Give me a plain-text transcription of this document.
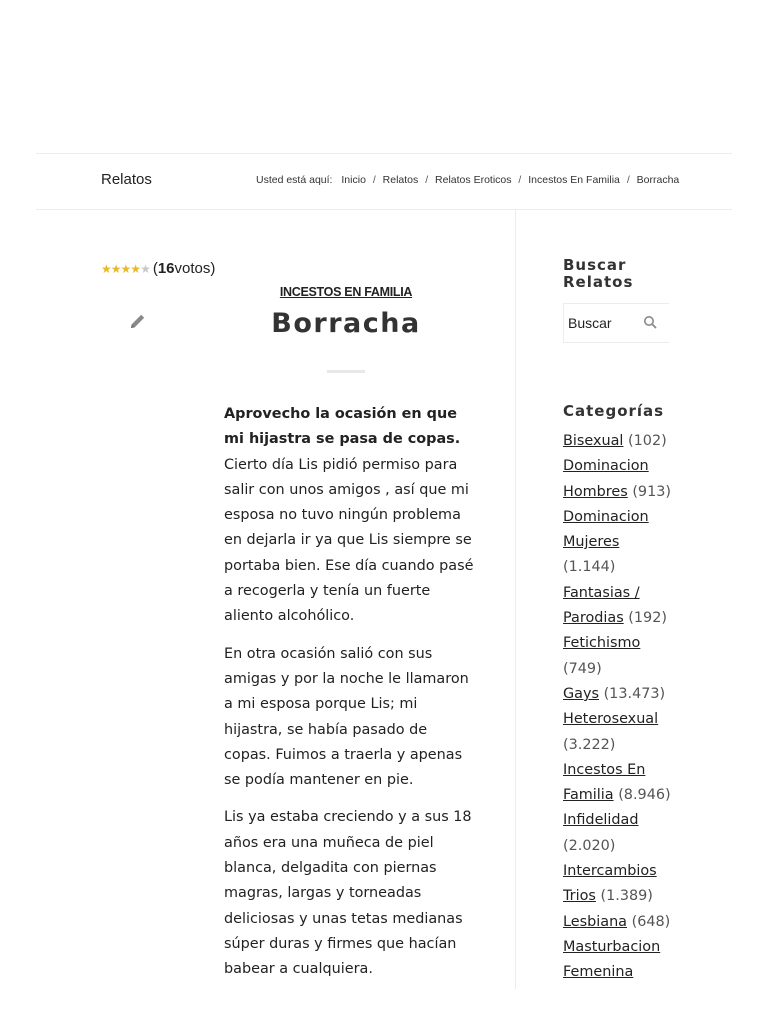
Relatos	Usted está aquí: Inicio / Relatos / Relatos Eroticos / Incestos En Familia / Borracha
★ ★ ★ ★ ★ ( 16 votos)
INCESTOS EN FAMILIA
Borracha

Aprovecho la ocasión en que mi hijastra se pasa de copas.
Cierto día Lis pidió permiso para salir con unos amigos , así que mi esposa no tuvo ningún problema en dejarla ir ya que Lis siempre se portaba bien. Ese día cuando pasé a recogerla y tenía un fuerte aliento alcohólico.

En otra ocasión salió con sus amigas y por la noche le llamaron a mi esposa porque Lis; mi hijastra, se había pasado de copas. Fuimos a traerla y apenas se podía mantener en pie.

Lis ya estaba creciendo y a sus 18 años era una muñeca de piel blanca, delgadita con piernas magras, largas y torneadas deliciosas y unas tetas medianas súper duras y firmes que hacían babear a cualquiera.

Buscar Relatos
Buscar
Categorías
Bisexual (102)
Dominacion Hombres (913)
Dominacion Mujeres (1.144)
Fantasias / Parodias (192)
Fetichismo (749)
Gays (13.473)
Heterosexual (3.222)
Incestos En Familia (8.946)
Infidelidad (2.020)
Intercambios Trios (1.389)
Lesbiana (648)
Masturbacion Femenina
